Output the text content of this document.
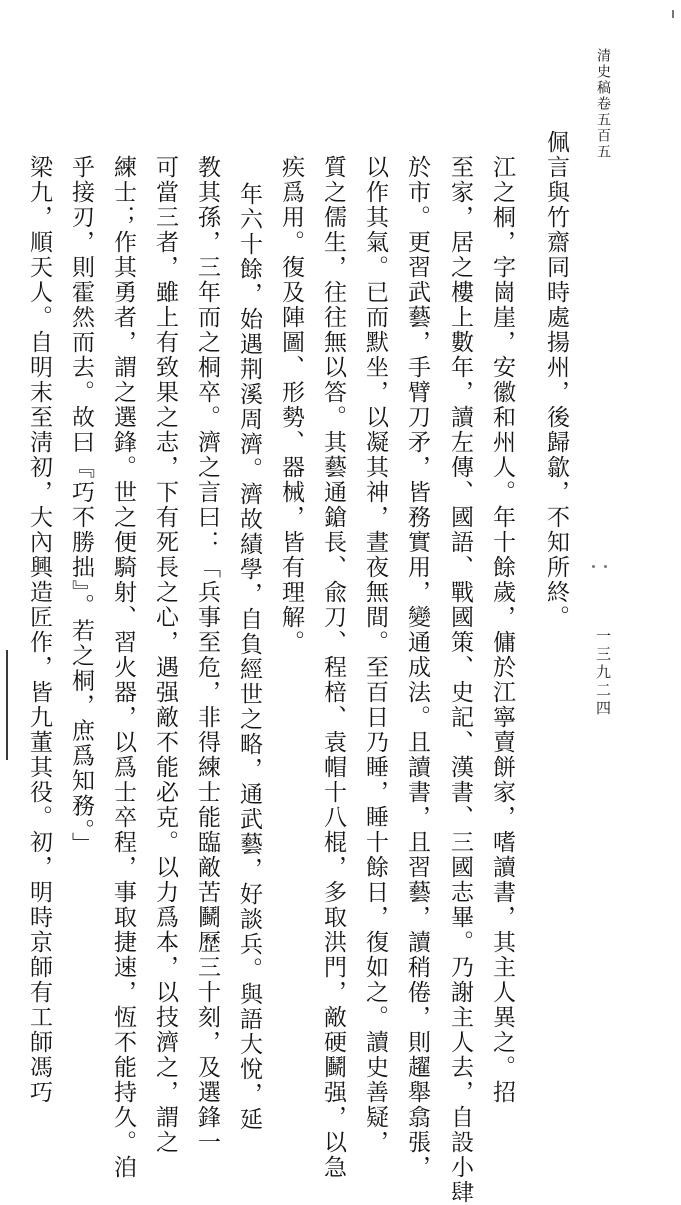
清史稿卷五百五
一三九二四
佩言與竹齋同時處揚州，後歸歙，不知所終。
江之桐，字崗崖，安徽和州人。年十餘歲，傭於江寧賣餅家，嗜讀書，其主人異之。招
至家，居之樓上數年，讀左傳、國語、戰國策、史記、漢書、三國志畢。乃謝主人去，自設小肆
於市。更習武藝，手臂刀矛，皆務實用，變通成法。且讀書，且習藝，讀稍倦，則趯舉翕張，
以作其氣。已而默坐，以凝其神，晝夜無間。至百日乃睡，睡十餘日，復如之。讀史善疑，
質之儒生，往往無以答。其藝通鎗長、兪刀、程棓、袁帽十八棍，多取洪門，敵硬鬭强，以急
疾爲用。復及陣圖、形勢、器械，皆有理解。
年六十餘，始遇荆溪周濟。濟故績學，自負經世之略，通武藝，好談兵。與語大悅，延
教其孫，三年而之桐卒。濟之言曰：「兵事至危，非得練士能臨敵苦鬭歷三十刻，及選鋒一
可當三者，雖上有致果之志，下有死長之心，遇强敵不能必克。以力爲本，以技濟之，謂之
練士；作其勇者，謂之選鋒。世之便騎射、習火器，以爲士卒程，事取捷速，恆不能持久。洎
乎接刃，則霍然而去。故曰『巧不勝拙』。若之桐，庶爲知務。」
梁九，順天人。自明末至淸初，大內興造匠作，皆九董其役。初，明時京師有工師馮巧
